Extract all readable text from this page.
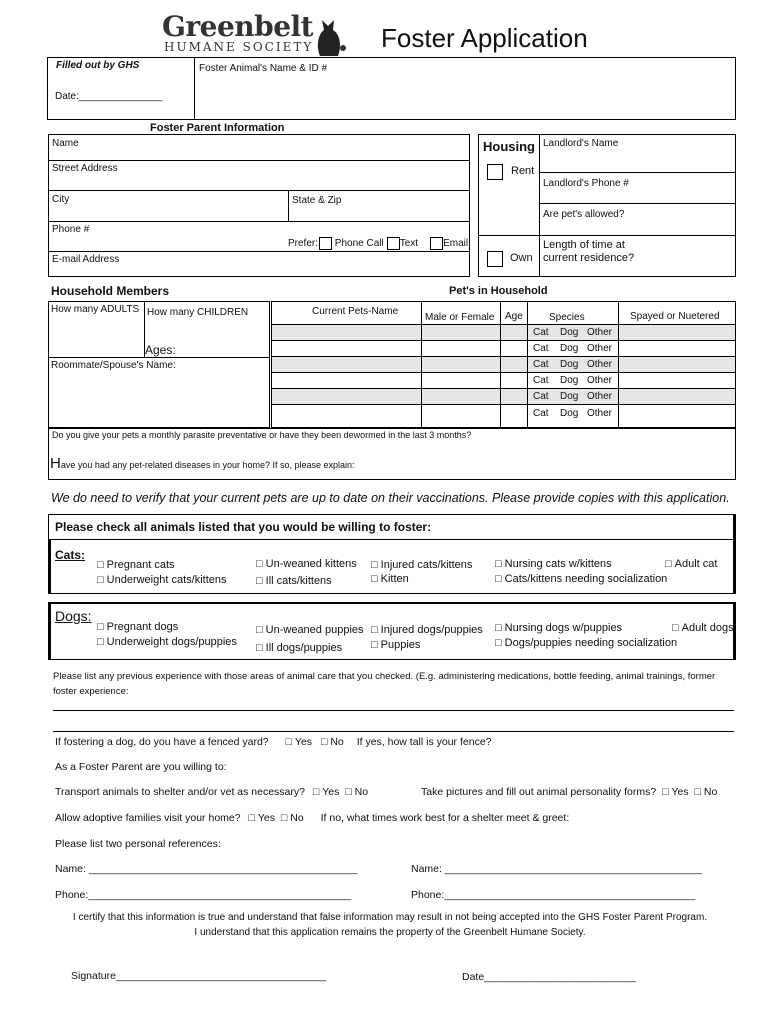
Greenbelt
HUMANE SOCIETY	Foster Application
Filled out by GHS
Date:_______________
Foster Animal's Name & ID #
Foster Parent Information
Name
Street Address
City	State & Zip
Phone #
Prefer: Phone Call Text	Email
E-mail Address
Housing
Rent
Own
Landlord's Name
Landlord's Phone #
Are pet's allowed?
Length of time at
current residence?
Household Members
How many ADULTS How many CHILDREN
Ages:
Roommate/Spouse's Name:
Pet's in Household
Current Pets-Name
Male or Female Age	Species	Spayed or Nuetered
Cat Dog Other
Cat Dog Other
Cat Dog Other
Cat Dog Other
Cat Dog Other
Cat Dog Other
Do you give your pets a monthly parasite preventative or have they been dewormed in the last 3 months?
Have you had any pet-related diseases in your home? If so, please explain:
We do need to verify that your current pets are up to date on their vaccinations. Please provide copies with this application.
Please check all animals listed that you would be willing to foster:
Cats:
□ Pregnant cats
□ Underweight cats/kittens
□ Un-weaned kittens
□ Ill cats/kittens
□ Injured cats/kittens
□ Kitten
□ Nursing cats w/kittens
□ Cats/kittens needing socialization
□ Adult cat
Dogs:
□ Pregnant dogs
□ Underweight dogs/puppies
□ Un-weaned puppies
□ Ill dogs/puppies
□ Injured dogs/puppies
□ Puppies
□ Nursing dogs w/puppies
□ Dogs/puppies needing socialization
□ Adult dogs
Please list any previous experience with those areas of animal care that you checked. (E.g. administering medications, bottle feeding, animal trainings, former
foster experience:
If fostering a dog, do you have a fenced yard?	□ Yes □ No If yes, how tall is your fence?
As a Foster Parent are you willing to:
Transport animals to shelter and/or vet as necessary? □ Yes □ No	Take pictures and fill out animal personality forms? □ Yes □ No
Allow adoptive families visit your home? □ Yes □ No If no, what times work best for a shelter meet & greet:
Please list two personal references:
Name: ______________________________________________	Name: ____________________________________________
Phone:_____________________________________________	Phone:___________________________________________
I certify that this information is true and understand that false information may result in not being accepted into the GHS Foster Parent Program.
I understand that this application remains the property of the Greenbelt Humane Society.
Signature____________________________________	Date__________________________
